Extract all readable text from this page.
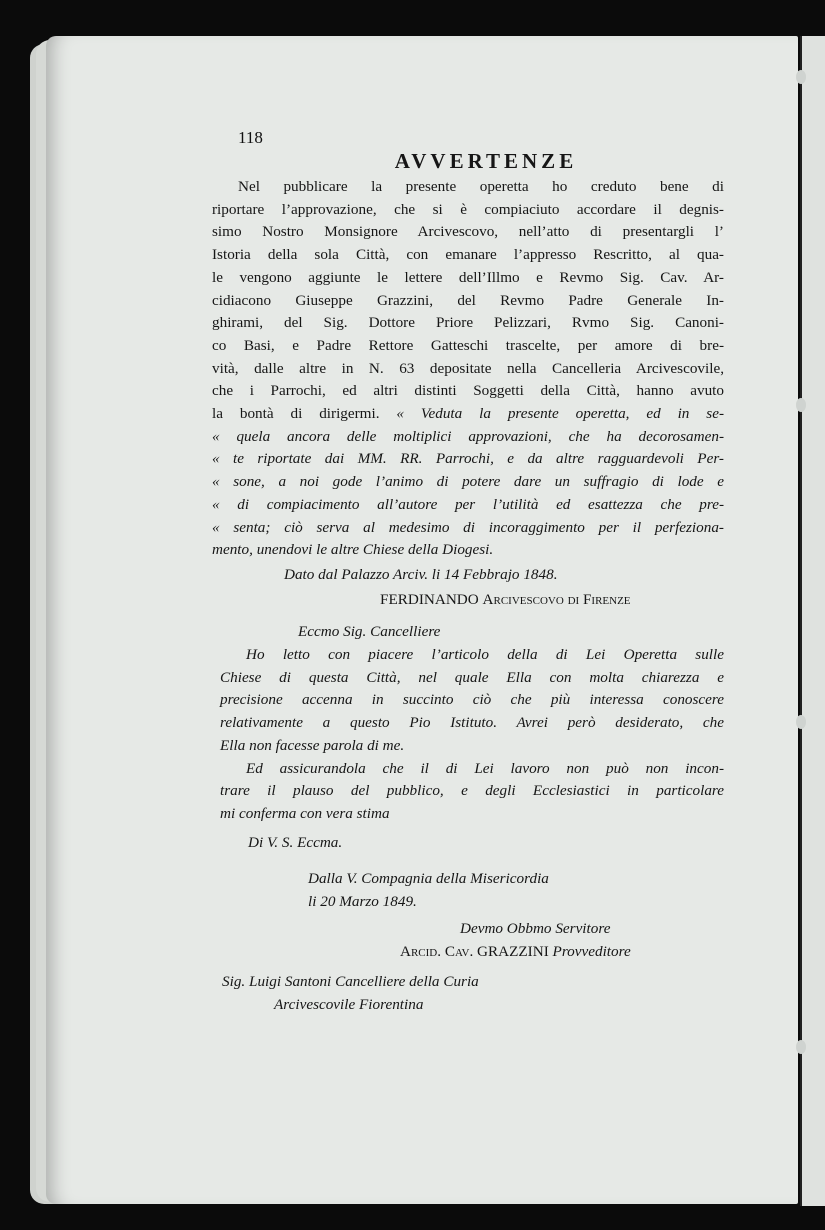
118
AVVERTENZE
Nel pubblicare la presente operetta ho creduto bene di
riportare l’approvazione, che si è compiaciuto accordare il degnis-
simo Nostro Monsignore Arcivescovo, nell’atto di presentargli l’
Istoria della sola Città, con emanare l’appresso Rescritto, al qua-
le vengono aggiunte le lettere dell’Illmo e Revmo Sig. Cav. Ar-
cidiacono Giuseppe Grazzini, del Revmo Padre Generale In-
ghirami, del Sig. Dottore Priore Pelizzari, Rvmo Sig. Canoni-
co Basi, e Padre Rettore Gatteschi trascelte, per amore di bre-
vità, dalle altre in N. 63 depositate nella Cancelleria Arcivescovile,
che i Parrochi, ed altri distinti Soggetti della Città, hanno avuto
la bontà di dirigermi. « Veduta la presente operetta, ed in se-
« quela ancora delle moltiplici approvazioni, che ha decorosamen-
« te riportate dai MM. RR. Parrochi, e da altre ragguardevoli Per-
« sone, a noi gode l’animo di potere dare un suffragio di lode e
« di compiacimento all’autore per l’utilità ed esattezza che pre-
« senta; ciò serva al medesimo di incoraggimento per il perfeziona-
mento, unendovi le altre Chiese della Diogesi.
Dato dal Palazzo Arciv. li 14 Febbrajo 1848.
FERDINANDO Arcivescovo di Firenze
Eccmo Sig. Cancelliere
Ho letto con piacere l’articolo della di Lei Operetta sulle
Chiese di questa Città, nel quale Ella con molta chiarezza e
precisione accenna in succinto ciò che più interessa conoscere
relativamente a questo Pio Istituto. Avrei però desiderato, che
Ella non facesse parola di me.
Ed assicurandola che il di Lei lavoro non può non incon-
trare il plauso del pubblico, e degli Ecclesiastici in particolare
mi conferma con vera stima
Di V. S. Eccma.
Dalla V. Compagnia della Misericordia
li 20 Marzo 1849.
Devmo Obbmo Servitore
Arcid. Cav. GRAZZINI Provveditore
Sig. Luigi Santoni Cancelliere della Curia
Arcivescovile Fiorentina
